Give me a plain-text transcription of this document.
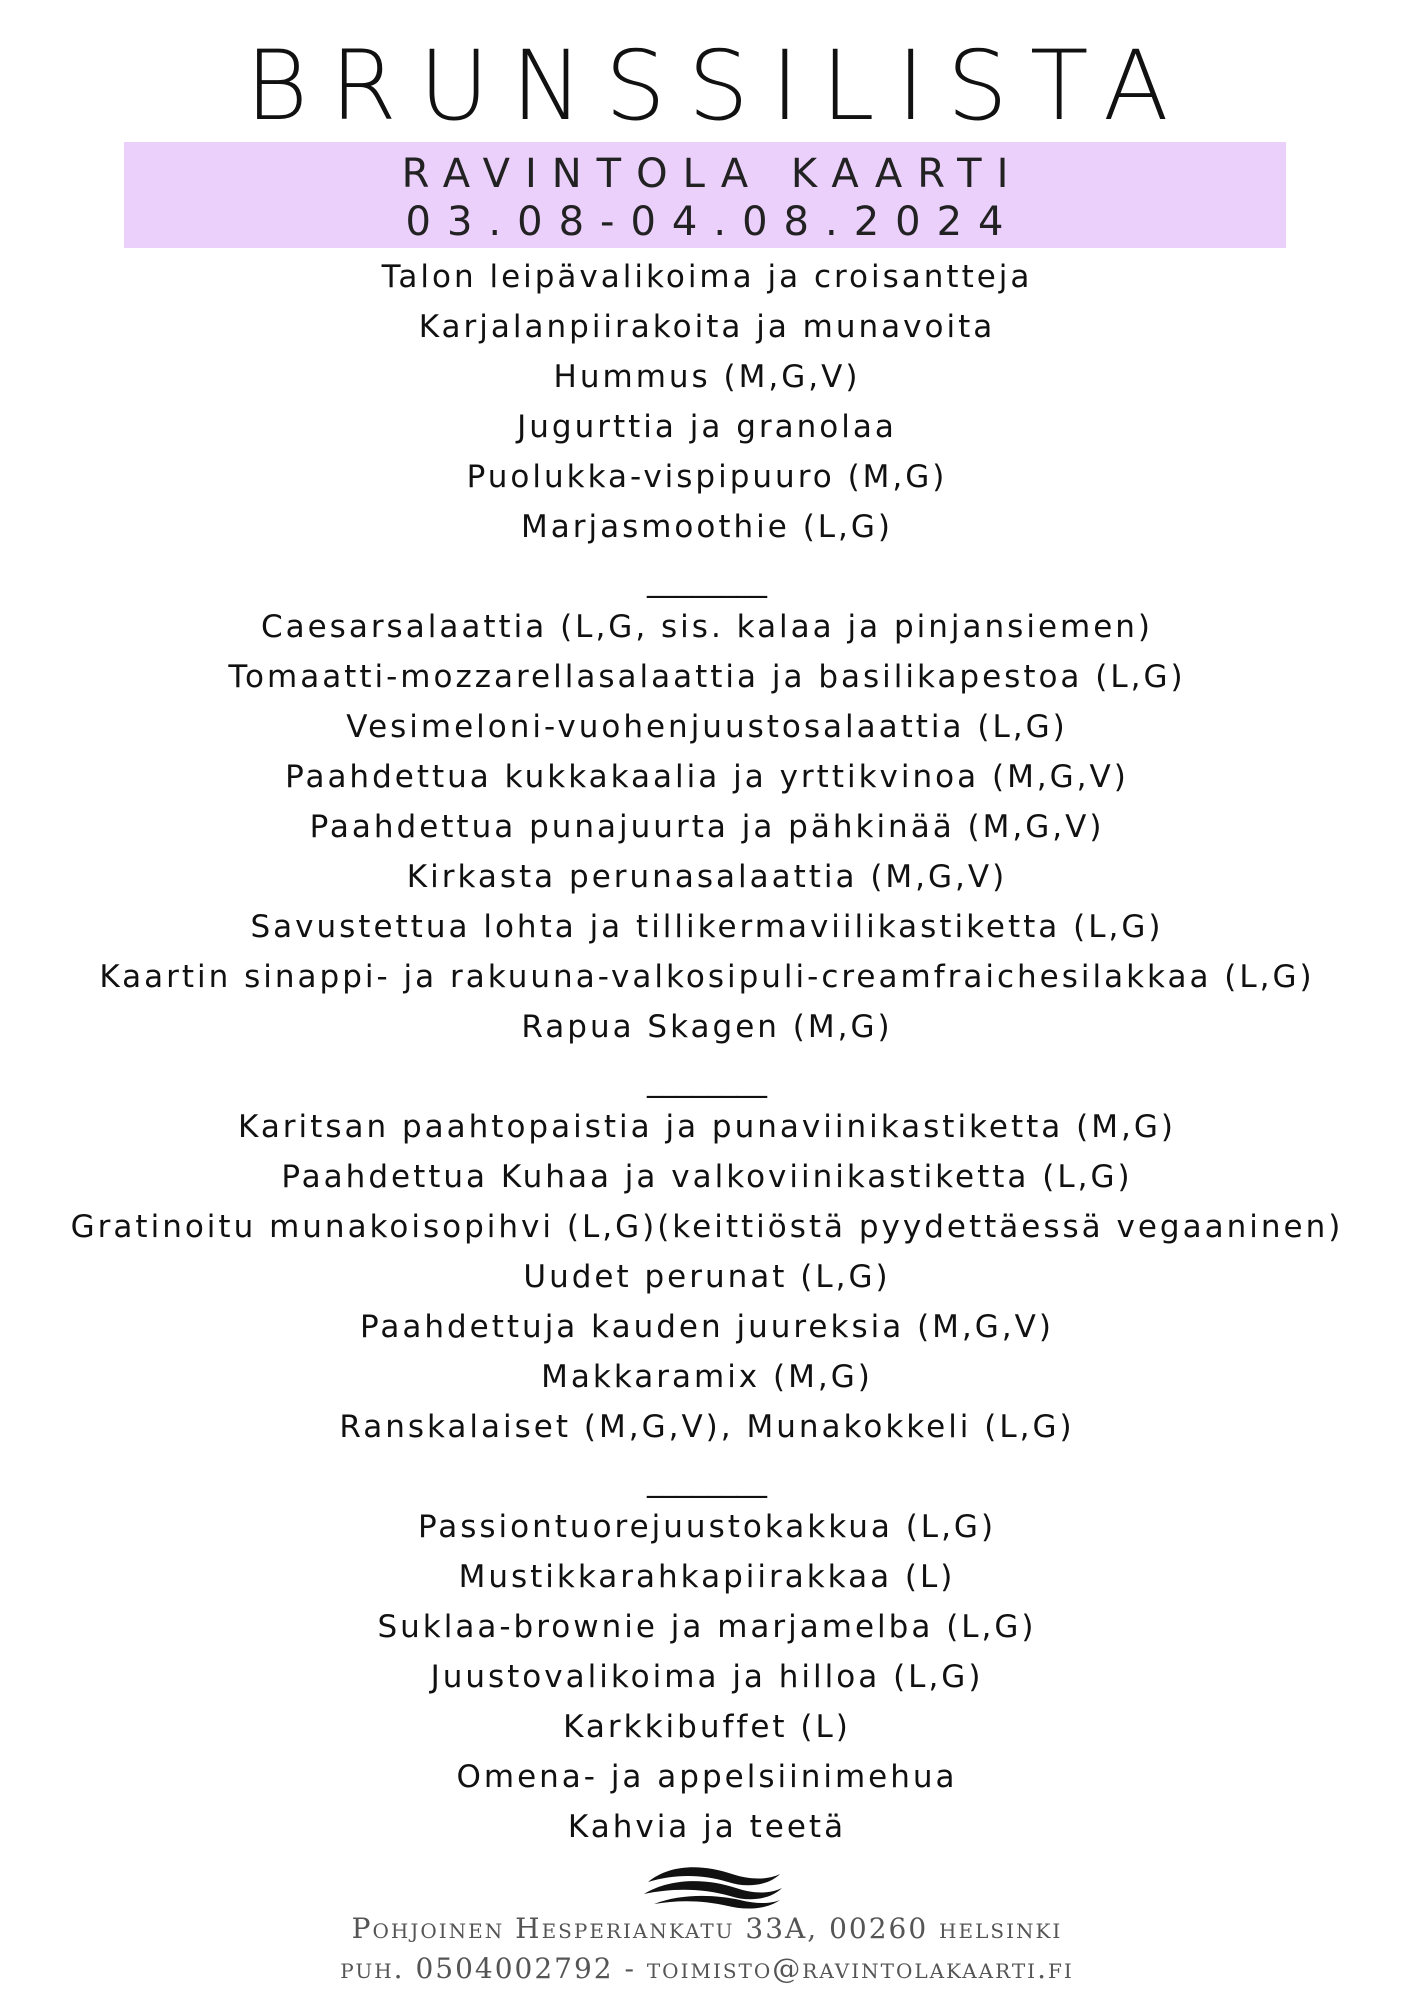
BRUNSSILISTA
RAVINTOLA KAARTI
03.08-04.08.2024
Talon leipävalikoima ja croisantteja
Karjalanpiirakoita ja munavoita
Hummus (M,G,V)
Jugurttia ja granolaa
Puolukka-vispipuuro (M,G)
Marjasmoothie (L,G)
________
Caesarsalaattia (L,G, sis. kalaa ja pinjansiemen)
Tomaatti-mozzarellasalaattia ja basilikapestoa (L,G)
Vesimeloni-vuohenjuustosalaattia (L,G)
Paahdettua kukkakaalia ja yrttikvinoa (M,G,V)
Paahdettua punajuurta ja pähkinää (M,G,V)
Kirkasta perunasalaattia (M,G,V)
Savustettua lohta ja tillikermaviilikastiketta (L,G)
Kaartin sinappi- ja rakuuna-valkosipuli-creamfraichesilakkaa (L,G)
Rapua Skagen (M,G)
________
Karitsan paahtopaistia ja punaviinikastiketta (M,G)
Paahdettua Kuhaa ja valkoviinikastiketta (L,G)
Gratinoitu munakoisopihvi (L,G)(keittiöstä pyydettäessä vegaaninen)
Uudet perunat (L,G)
Paahdettuja kauden juureksia (M,G,V)
Makkaramix (M,G)
Ranskalaiset (M,G,V), Munakokkeli (L,G)
________
Passiontuorejuustokakkua (L,G)
Mustikkarahkapiirakkaa (L)
Suklaa-brownie ja marjamelba (L,G)
Juustovalikoima ja hilloa (L,G)
Karkkibuffet (L)
Omena- ja appelsiinimehua
Kahvia ja teetä
Pohjoinen Hesperiankatu 33A, 00260 helsinki
puh. 0504002792 - toimisto@ravintolakaarti.fi
